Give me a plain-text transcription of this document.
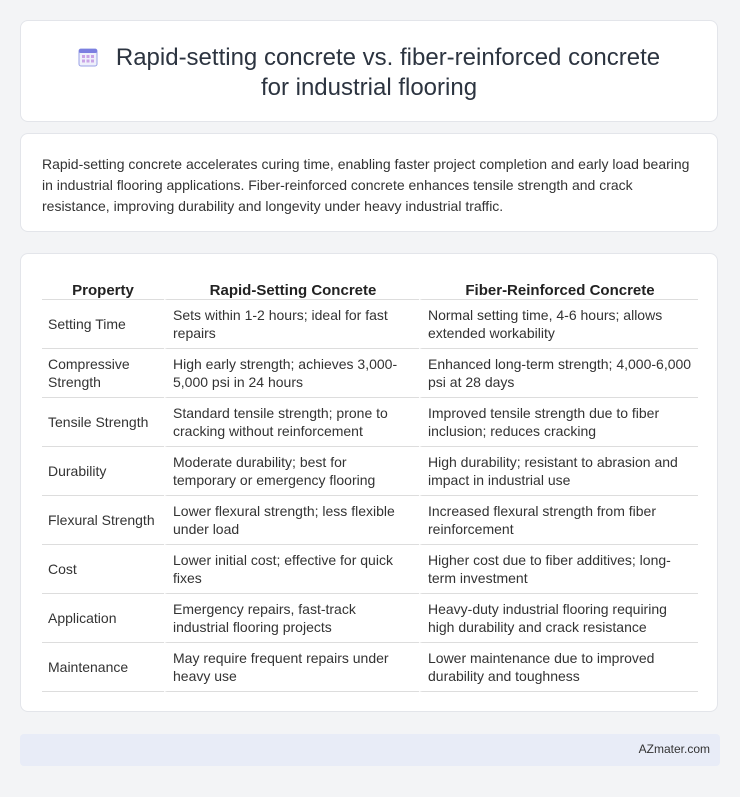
Rapid-setting concrete vs. fiber-reinforced concrete for industrial flooring
Rapid-setting concrete accelerates curing time, enabling faster project completion and early load bearing in industrial flooring applications. Fiber-reinforced concrete enhances tensile strength and crack resistance, improving durability and longevity under heavy industrial traffic.
Property	Rapid-Setting Concrete	Fiber-Reinforced Concrete
Setting Time	Sets within 1-2 hours; ideal for fast repairs	Normal setting time, 4-6 hours; allows extended workability
Compressive Strength	High early strength; achieves 3,000-5,000 psi in 24 hours	Enhanced long-term strength; 4,000-6,000 psi at 28 days
Tensile Strength	Standard tensile strength; prone to cracking without reinforcement	Improved tensile strength due to fiber inclusion; reduces cracking
Durability	Moderate durability; best for temporary or emergency flooring	High durability; resistant to abrasion and impact in industrial use
Flexural Strength	Lower flexural strength; less flexible under load	Increased flexural strength from fiber reinforcement
Cost	Lower initial cost; effective for quick fixes	Higher cost due to fiber additives; long-term investment
Application	Emergency repairs, fast-track industrial flooring projects	Heavy-duty industrial flooring requiring high durability and crack resistance
Maintenance	May require frequent repairs under heavy use	Lower maintenance due to improved durability and toughness
AZmater.com
